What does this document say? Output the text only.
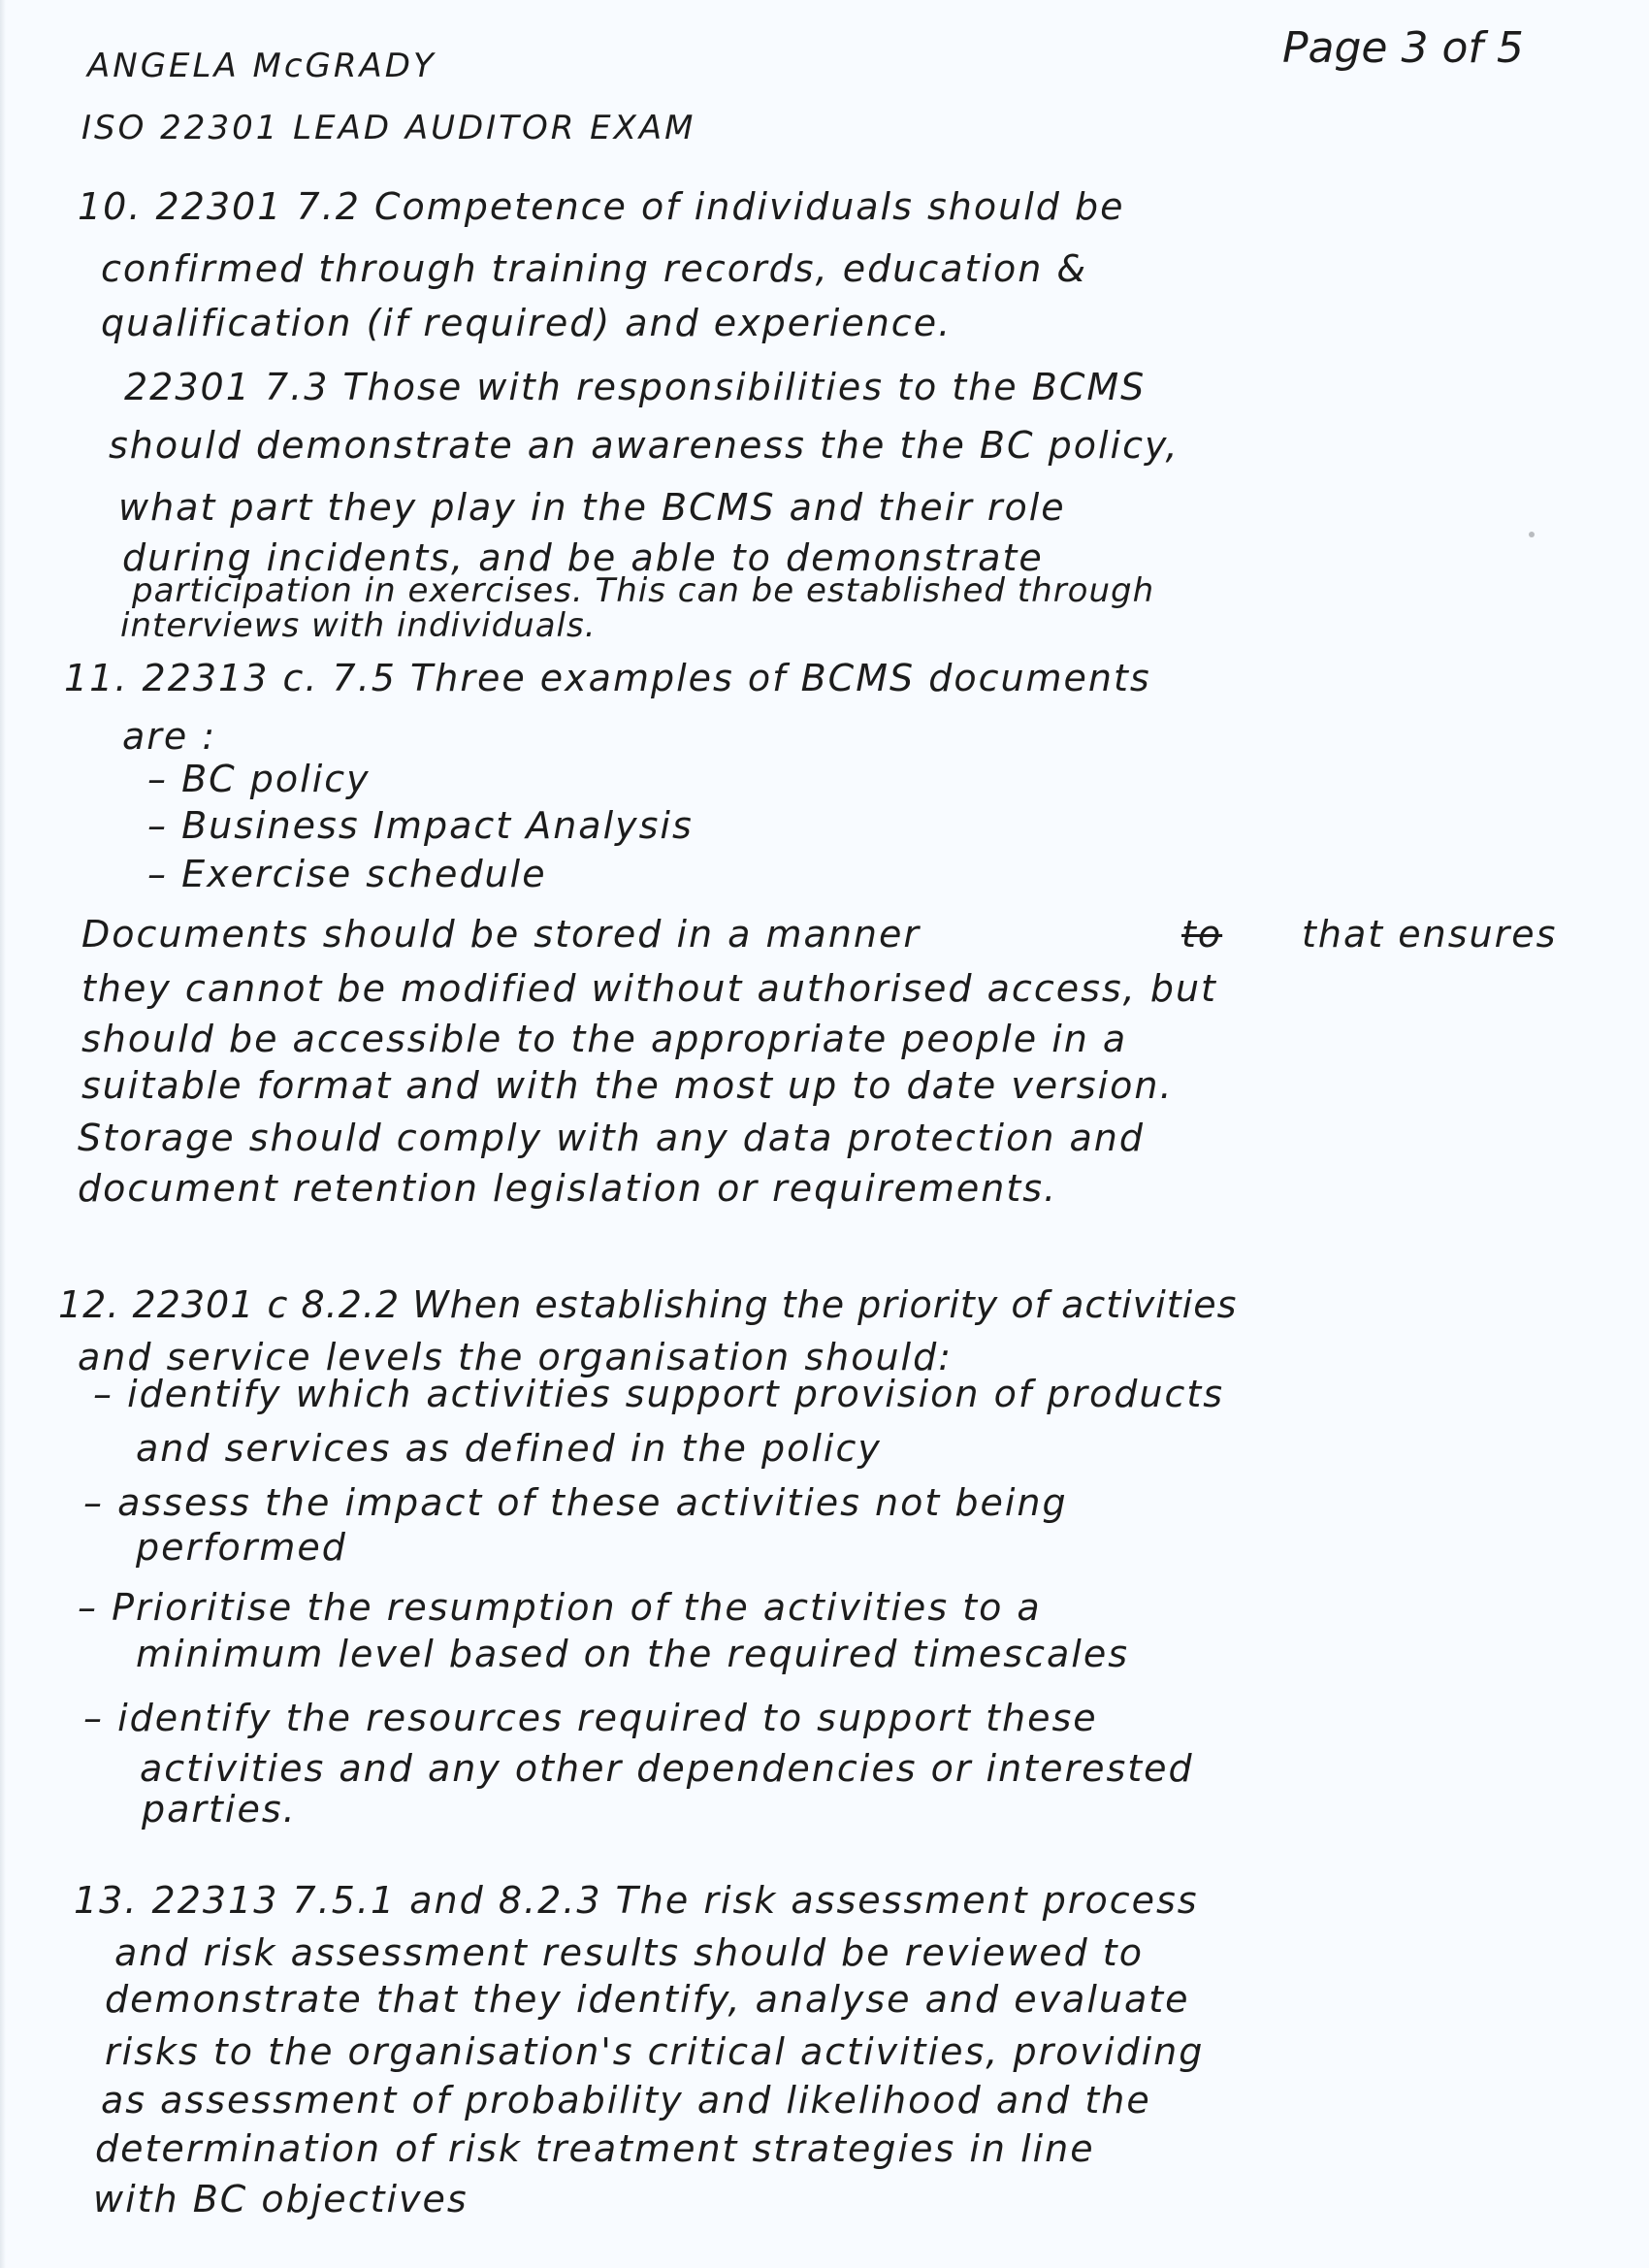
ANGELA McGRADY
ISO 22301 LEAD AUDITOR EXAM
Page 3 of 5
10. 22301 7.2 Competence of individuals should be
confirmed through training records, education &
qualification (if required) and experience.
22301 7.3 Those with responsibilities to the BCMS
should demonstrate an awareness the the BC policy,
what part they play in the BCMS and their role
during incidents, and be able to demonstrate
participation in exercises. This can be established through
interviews with individuals.
11. 22313 c. 7.5 Three examples of BCMS documents
are :
– BC policy
– Business Impact Analysis
– Exercise schedule
Documents should be stored in a manner	to that ensures
they cannot be modified without authorised access, but
should be accessible to the appropriate people in a
suitable format and with the most up to date version.
Storage should comply with any data protection and
document retention legislation or requirements.
12. 22301 c 8.2.2 When establishing the priority of activities
and service levels the organisation should:
– identify which activities support provision of products
and services as defined in the policy
– assess the impact of these activities not being
performed
– Prioritise the resumption of the activities to a
minimum level based on the required timescales
– identify the resources required to support these
activities and any other dependencies or interested
parties.
13. 22313 7.5.1 and 8.2.3 The risk assessment process
and risk assessment results should be reviewed to
demonstrate that they identify, analyse and evaluate
risks to the organisation's critical activities, providing
as assessment of probability and likelihood and the
determination of risk treatment strategies in line
with BC objectives
